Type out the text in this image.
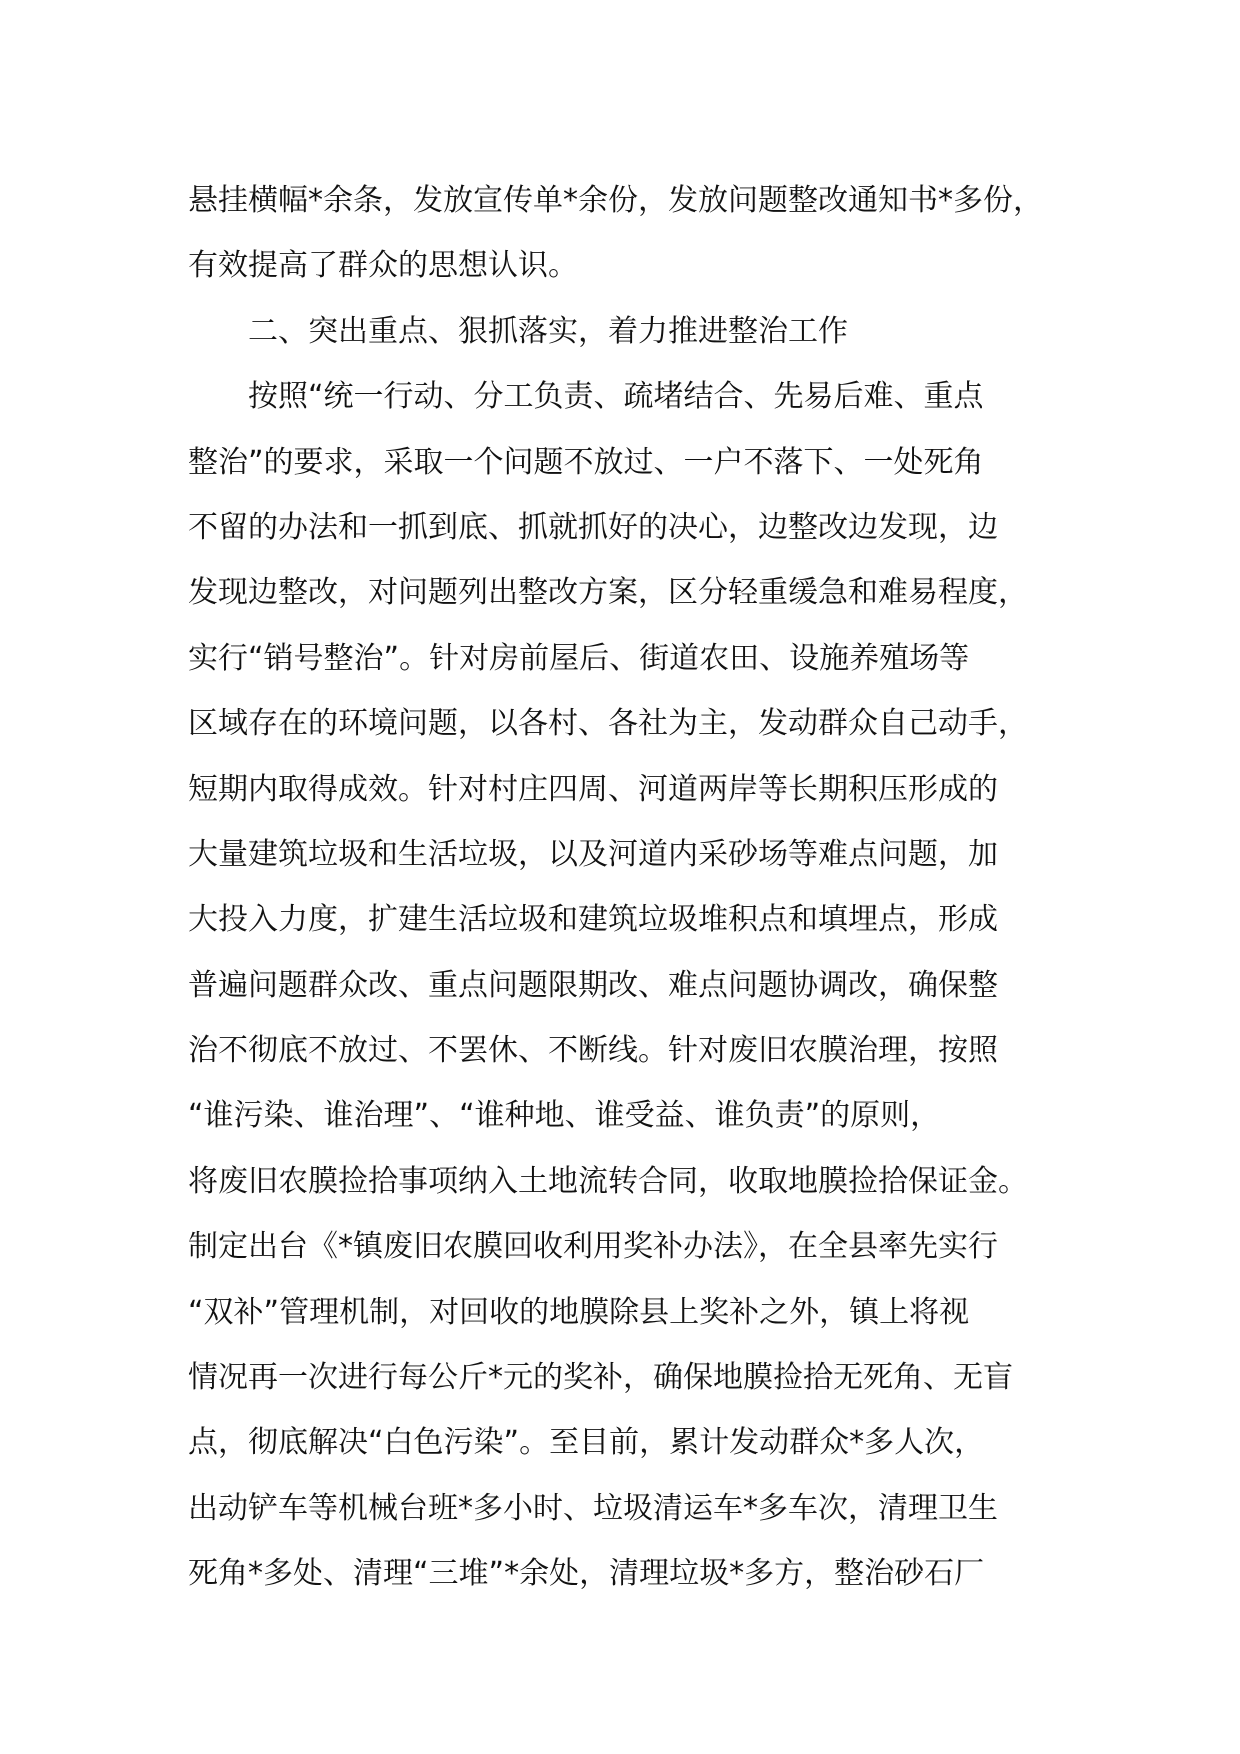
悬挂横幅*余条，发放宣传单*余份，发放问题整改通知书*多份，
有效提高了群众的思想认识。
二、突出重点、狠抓落实，着力推进整治工作
按照“统一行动、分工负责、疏堵结合、先易后难、重点
整治”的要求，采取一个问题不放过、一户不落下、一处死角
不留的办法和一抓到底、抓就抓好的决心，边整改边发现，边
发现边整改，对问题列出整改方案，区分轻重缓急和难易程度，
实行“销号整治”。针对房前屋后、街道农田、设施养殖场等
区域存在的环境问题，以各村、各社为主，发动群众自己动手，
短期内取得成效。针对村庄四周、河道两岸等长期积压形成的
大量建筑垃圾和生活垃圾，以及河道内采砂场等难点问题，加
大投入力度，扩建生活垃圾和建筑垃圾堆积点和填埋点，形成
普遍问题群众改、重点问题限期改、难点问题协调改，确保整
治不彻底不放过、不罢休、不断线。针对废旧农膜治理，按照
“谁污染、谁治理”、“谁种地、谁受益、谁负责”的原则，
将废旧农膜捡拾事项纳入土地流转合同，收取地膜捡拾保证金。
制定出台《*镇废旧农膜回收利用奖补办法》，在全县率先实行
“双补”管理机制，对回收的地膜除县上奖补之外，镇上将视
情况再一次进行每公斤*元的奖补，确保地膜捡拾无死角、无盲
点，彻底解决“白色污染”。至目前，累计发动群众*多人次，
出动铲车等机械台班*多小时、垃圾清运车*多车次，清理卫生
死角*多处、清理“三堆”*余处，清理垃圾*多方，整治砂石厂
